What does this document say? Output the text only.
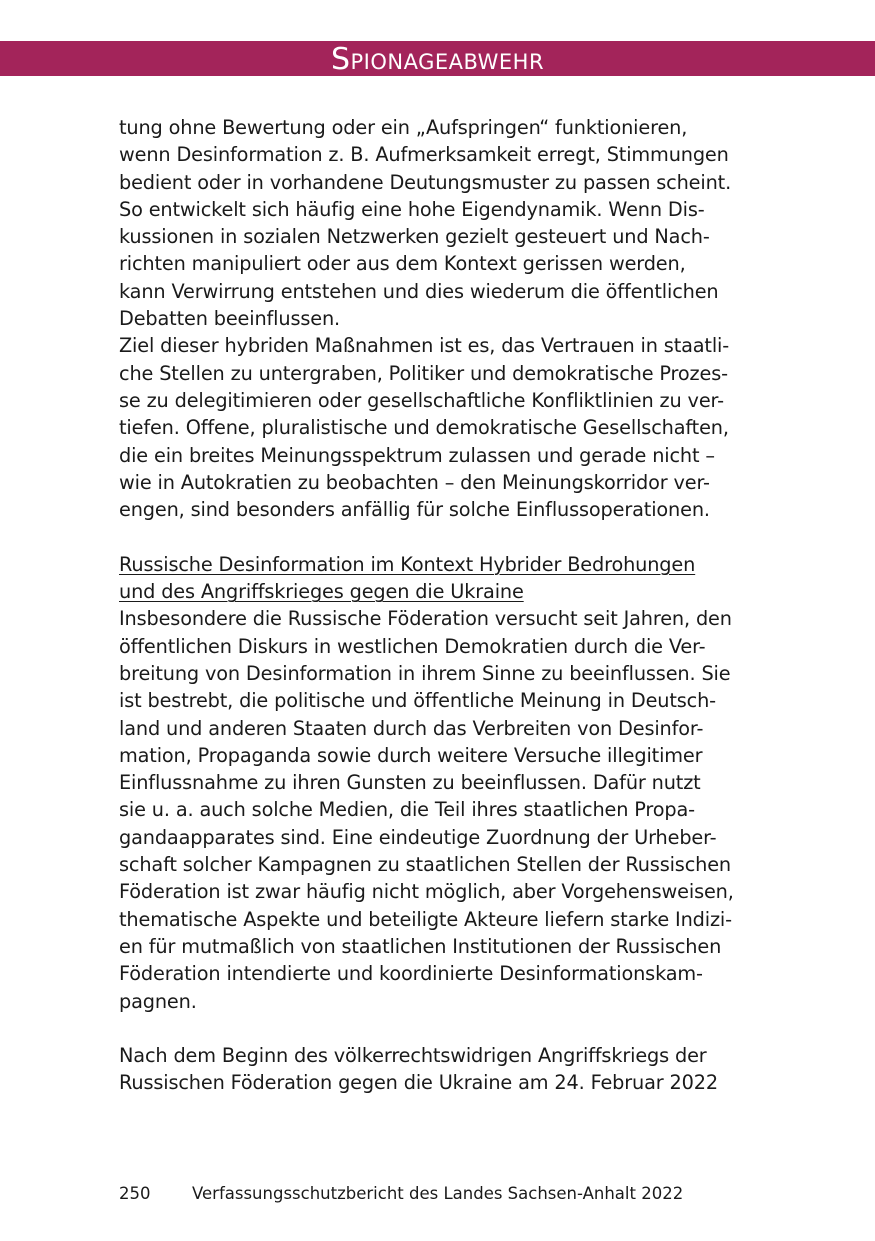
Spionageabwehr
tung ohne Bewertung oder ein „Aufspringen“ funktionieren,
wenn Desinformation z. B. Aufmerksamkeit erregt, Stimmungen
bedient oder in vorhandene Deutungsmuster zu passen scheint.
So entwickelt sich häufig eine hohe Eigendynamik. Wenn Dis-
kussionen in sozialen Netzwerken gezielt gesteuert und Nach-
richten manipuliert oder aus dem Kontext gerissen werden,
kann Verwirrung entstehen und dies wiederum die öffentlichen
Debatten beeinflussen.
Ziel dieser hybriden Maßnahmen ist es, das Vertrauen in staatli-
che Stellen zu untergraben, Politiker und demokratische Prozes-
se zu delegitimieren oder gesellschaftliche Konfliktlinien zu ver-
tiefen. Offene, pluralistische und demokratische Gesellschaften,
die ein breites Meinungsspektrum zulassen und gerade nicht –
wie in Autokratien zu beobachten – den Meinungskorridor ver-
engen, sind besonders anfällig für solche Einflussoperationen.
Russische Desinformation im Kontext Hybrider Bedrohungen
und des Angriffskrieges gegen die Ukraine
Insbesondere die Russische Föderation versucht seit Jahren, den
öffentlichen Diskurs in westlichen Demokratien durch die Ver-
breitung von Desinformation in ihrem Sinne zu beeinflussen. Sie
ist bestrebt, die politische und öffentliche Meinung in Deutsch-
land und anderen Staaten durch das Verbreiten von Desinfor-
mation, Propaganda sowie durch weitere Versuche illegitimer
Einflussnahme zu ihren Gunsten zu beeinflussen. Dafür nutzt
sie u. a. auch solche Medien, die Teil ihres staatlichen Propa-
gandaapparates sind. Eine eindeutige Zuordnung der Urheber-
schaft solcher Kampagnen zu staatlichen Stellen der Russischen
Föderation ist zwar häufig nicht möglich, aber Vorgehensweisen,
thematische Aspekte und beteiligte Akteure liefern starke Indizi-
en für mutmaßlich von staatlichen Institutionen der Russischen
Föderation intendierte und koordinierte Desinformationskam-
pagnen.
Nach dem Beginn des völkerrechtswidrigen Angriffskriegs der
Russischen Föderation gegen die Ukraine am 24. Februar 2022
250	Verfassungsschutzbericht des Landes Sachsen-Anhalt 2022
